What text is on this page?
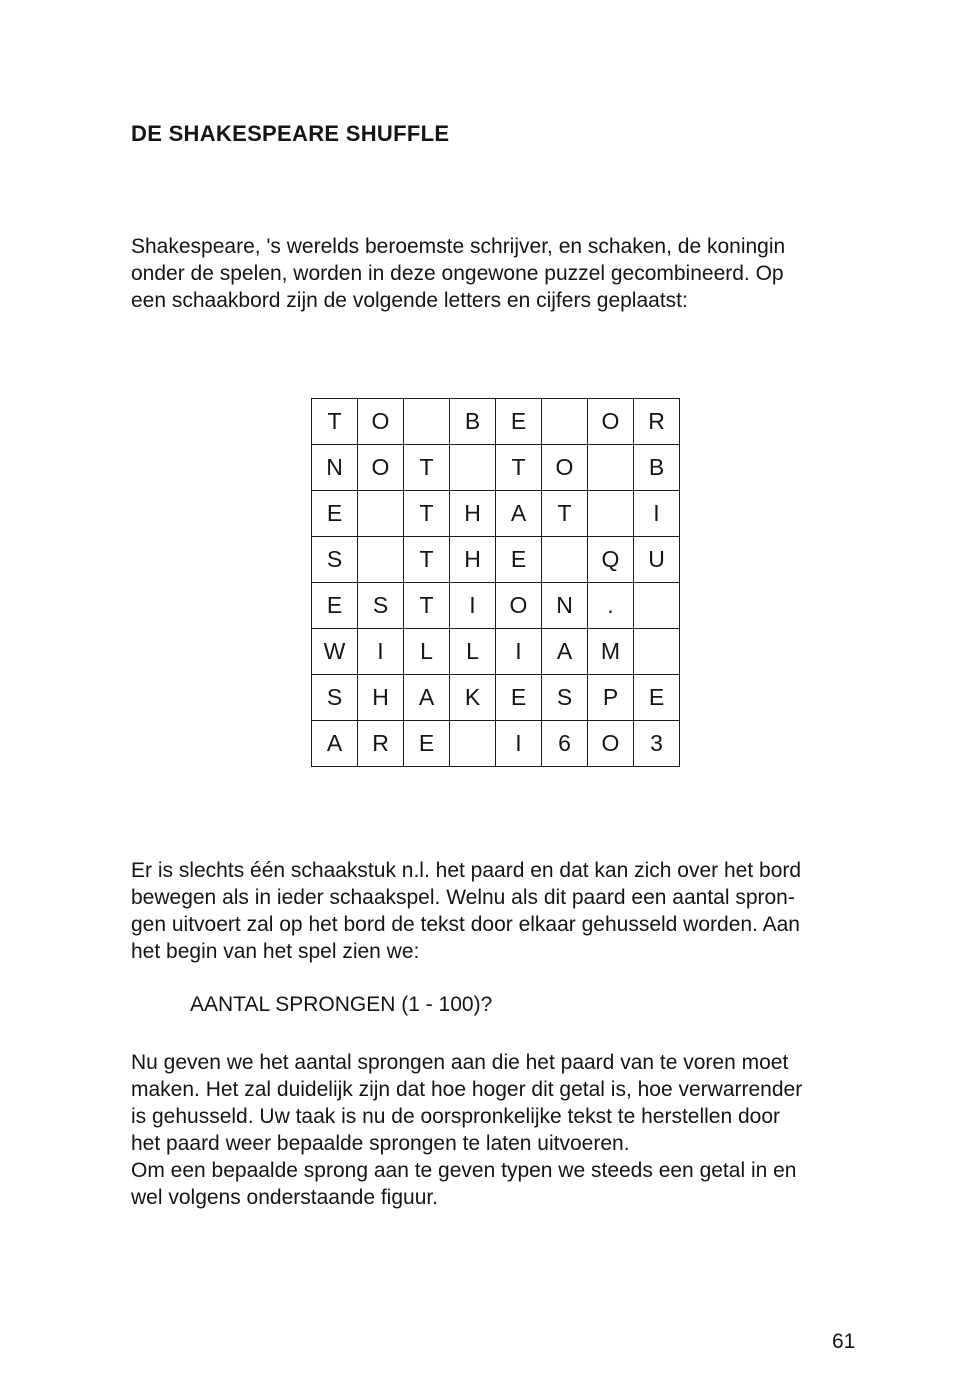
DE SHAKESPEARE SHUFFLE

Shakespeare, 's werelds beroemste schrijver, en schaken, de koningin
onder de spelen, worden in deze ongewone puzzel gecombineerd. Op
een schaakbord zijn de volgende letters en cijfers geplaatst:

T	O		B	E		O	R
N	O	T		T	O		B
E		T	H	A	T		I
S		T	H	E		Q	U
E	S	T	I	O	N	.	
W	I	L	L	I	A	M	
S	H	A	K	E	S	P	E
A	R	E		I	6	O	3

Er is slechts één schaakstuk n.l. het paard en dat kan zich over het bord
bewegen als in ieder schaakspel. Welnu als dit paard een aantal spron-
gen uitvoert zal op het bord de tekst door elkaar gehusseld worden. Aan
het begin van het spel zien we:

AANTAL SPRONGEN (1 - 100)?

Nu geven we het aantal sprongen aan die het paard van te voren moet
maken. Het zal duidelijk zijn dat hoe hoger dit getal is, hoe verwarrender
is gehusseld. Uw taak is nu de oorspronkelijke tekst te herstellen door
het paard weer bepaalde sprongen te laten uitvoeren.
Om een bepaalde sprong aan te geven typen we steeds een getal in en
wel volgens onderstaande figuur.

61
